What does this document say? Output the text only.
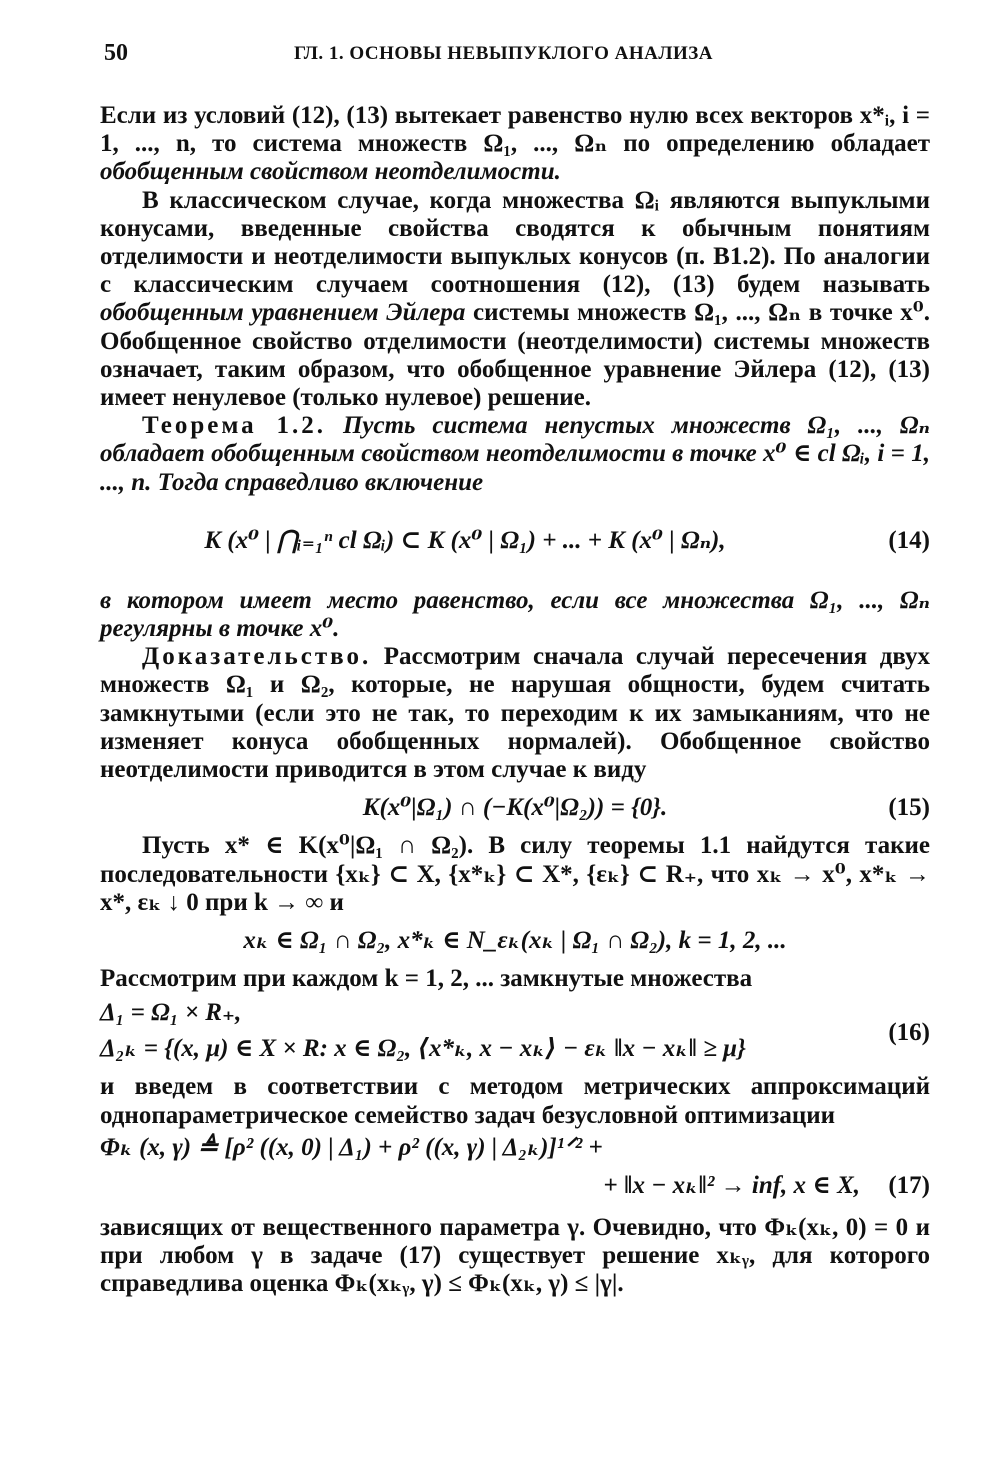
50	ГЛ. 1. ОСНОВЫ НЕВЫПУКЛОГО АНАЛИЗА

Если из условий (12), (13) вытекает равенство нулю всех векторов x*ᵢ, i = 1, ..., n, то система множеств Ω₁, ..., Ωₙ по определению обладает обобщенным свойством неотделимости.

В классическом случае, когда множества Ωᵢ являются выпуклыми конусами, введенные свойства сводятся к обычным понятиям отделимости и неотделимости выпуклых конусов (п. B1.2). По аналогии с классическим случаем соотношения (12), (13) будем называть обобщенным уравнением Эйлера системы множеств Ω₁, ..., Ωₙ в точке x⁰. Обобщенное свойство отделимости (неотделимости) системы множеств означает, таким образом, что обобщенное уравнение Эйлера (12), (13) имеет ненулевое (только нулевое) решение.

Теорема 1.2. Пусть система непустых множеств Ω₁, ..., Ωₙ обладает обобщенным свойством неотделимости в точке x⁰ ∈ cl Ωᵢ, i = 1, ..., n. Тогда справедливо включение

K (x⁰ | ⋂ᵢ₌₁ⁿ cl Ωᵢ) ⊂ K (x⁰ | Ω₁) + ... + K (x⁰ | Ωₙ),	(14)

в котором имеет место равенство, если все множества Ω₁, ..., Ωₙ регулярны в точке x⁰.

Доказательство. Рассмотрим сначала случай пересечения двух множеств Ω₁ и Ω₂, которые, не нарушая общности, будем считать замкнутыми (если это не так, то переходим к их замыканиям, что не изменяет конуса обобщенных нормалей). Обобщенное свойство неотделимости приводится в этом случае к виду

K(x⁰|Ω₁) ∩ (−K(x⁰|Ω₂)) = {0}.	(15)

Пусть x* ∈ K(x⁰|Ω₁ ∩ Ω₂). В силу теоремы 1.1 найдутся такие последовательности {xₖ} ⊂ X, {x*ₖ} ⊂ X*, {εₖ} ⊂ R₊, что xₖ → x⁰, x*ₖ → x*, εₖ ↓ 0 при k → ∞ и

xₖ ∈ Ω₁ ∩ Ω₂, x*ₖ ∈ N_εₖ(xₖ | Ω₁ ∩ Ω₂), k = 1, 2, ...

Рассмотрим при каждом k = 1, 2, ... замкнутые множества

Δ₁ = Ω₁ × R₊,
Δ₂ₖ = {(x, μ) ∈ X × R: x ∈ Ω₂, ⟨x*ₖ, x − xₖ⟩ − εₖ ‖x − xₖ‖ ≥ μ}
(16)

и введем в соответствии с методом метрических аппроксимаций однопараметрическое семейство задач безусловной оптимизации

Φₖ (x, γ) ≜ [ρ² ((x, 0) | Δ₁) + ρ² ((x, γ) | Δ₂ₖ)]¹ᐟ² +
+ ‖x − xₖ‖² → inf, x ∈ X, (17)

зависящих от вещественного параметра γ. Очевидно, что Φₖ(xₖ, 0) = 0 и при любом γ в задаче (17) существует решение xₖᵧ, для которого справедлива оценка Φₖ(xₖᵧ, γ) ≤ Φₖ(xₖ, γ) ≤ |γ|.
